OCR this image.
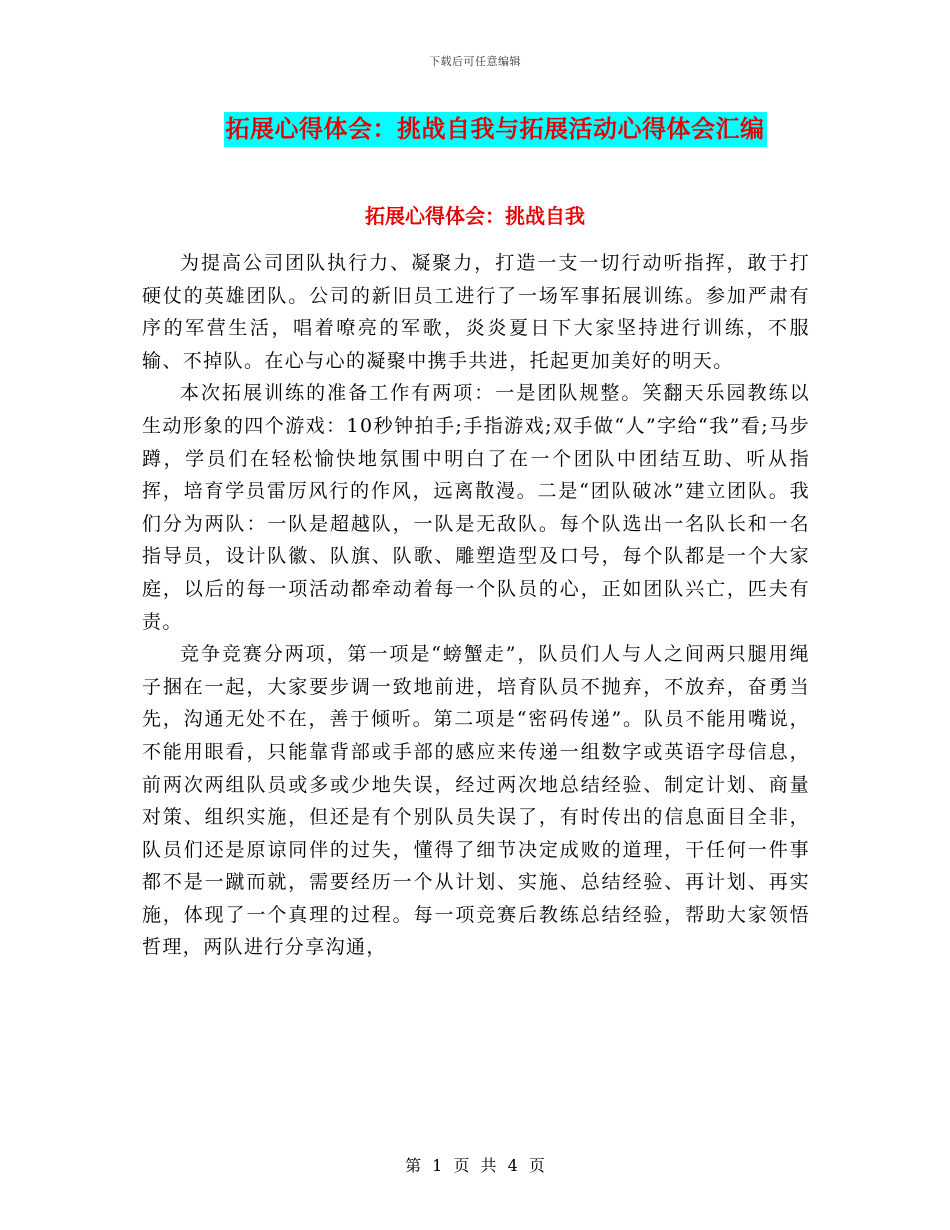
下载后可任意编辑
拓展心得体会：挑战自我与拓展活动心得体会汇编
拓展心得体会：挑战自我

为提高公司团队执行力、凝聚力，打造一支一切行动听指挥，敢于打硬仗的英雄团队。公司的新旧员工进行了一场军事拓展训练。参加严肃有序的军营生活，唱着嘹亮的军歌，炎炎夏日下大家坚持进行训练，不服输、不掉队。在心与心的凝聚中携手共进，托起更加美好的明天。

本次拓展训练的准备工作有两项：一是团队规整。笑翻天乐园教练以生动形象的四个游戏：10秒钟拍手;手指游戏;双手做“人”字给“我”看;马步蹲，学员们在轻松愉快地氛围中明白了在一个团队中团结互助、听从指挥，培育学员雷厉风行的作风，远离散漫。二是“团队破冰”建立团队。我们分为两队：一队是超越队，一队是无敌队。每个队选出一名队长和一名指导员，设计队徽、队旗、队歌、雕塑造型及口号，每个队都是一个大家庭，以后的每一项活动都牵动着每一个队员的心，正如团队兴亡，匹夫有责。

竞争竞赛分两项，第一项是“螃蟹走”，队员们人与人之间两只腿用绳子捆在一起，大家要步调一致地前进，培育队员不抛弃，不放弃，奋勇当先，沟通无处不在，善于倾听。第二项是“密码传递”。队员不能用嘴说，不能用眼看，只能靠背部或手部的感应来传递一组数字或英语字母信息，前两次两组队员或多或少地失误，经过两次地总结经验、制定计划、商量对策、组织实施，但还是有个别队员失误了，有时传出的信息面目全非，队员们还是原谅同伴的过失，懂得了细节决定成败的道理，干任何一件事都不是一蹴而就，需要经历一个从计划、实施、总结经验、再计划、再实施，体现了一个真理的过程。每一项竞赛后教练总结经验，帮助大家领悟哲理，两队进行分享沟通，

第 1 页 共 4 页
